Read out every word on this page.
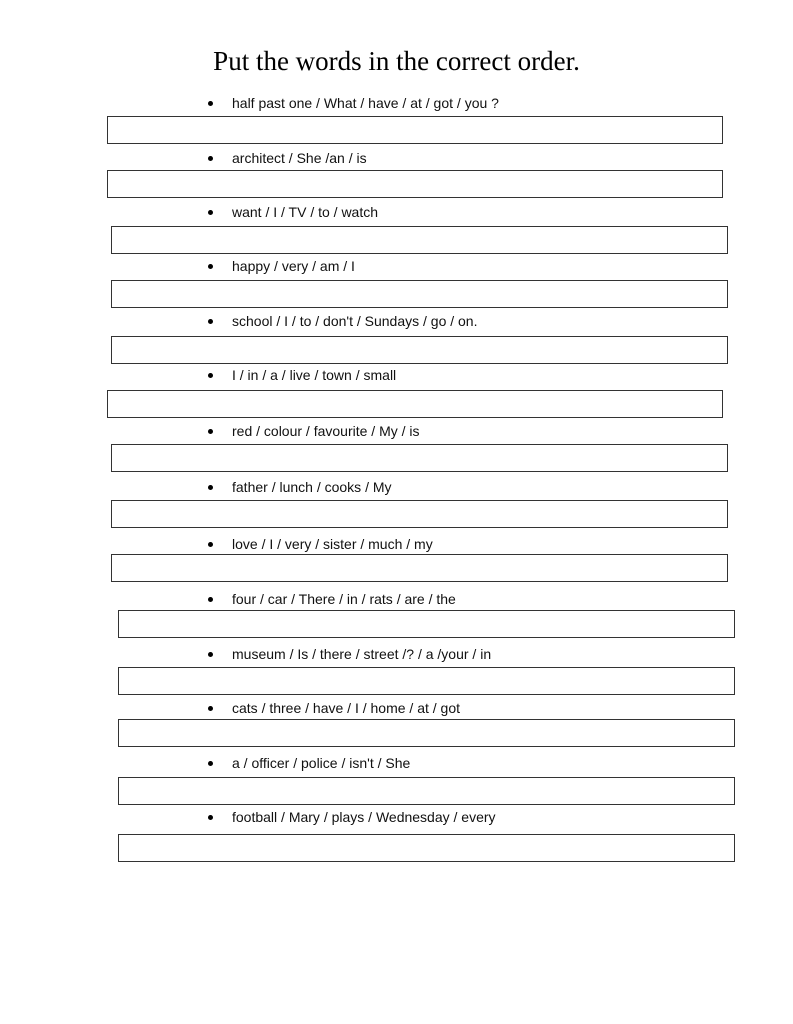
Put the words in the correct order.
half past one / What / have / at / got / you ?
architect / She /an / is
want / I / TV / to / watch
happy / very / am / I
school / I / to / don't / Sundays / go / on.
I / in / a / live / town / small
red / colour / favourite / My / is
father / lunch / cooks / My
love / I / very / sister / much / my
four / car / There / in / rats / are / the
museum / Is / there / street /? / a /your / in
cats / three / have / I / home / at / got
a / officer / police / isn't / She
football / Mary / plays / Wednesday / every
